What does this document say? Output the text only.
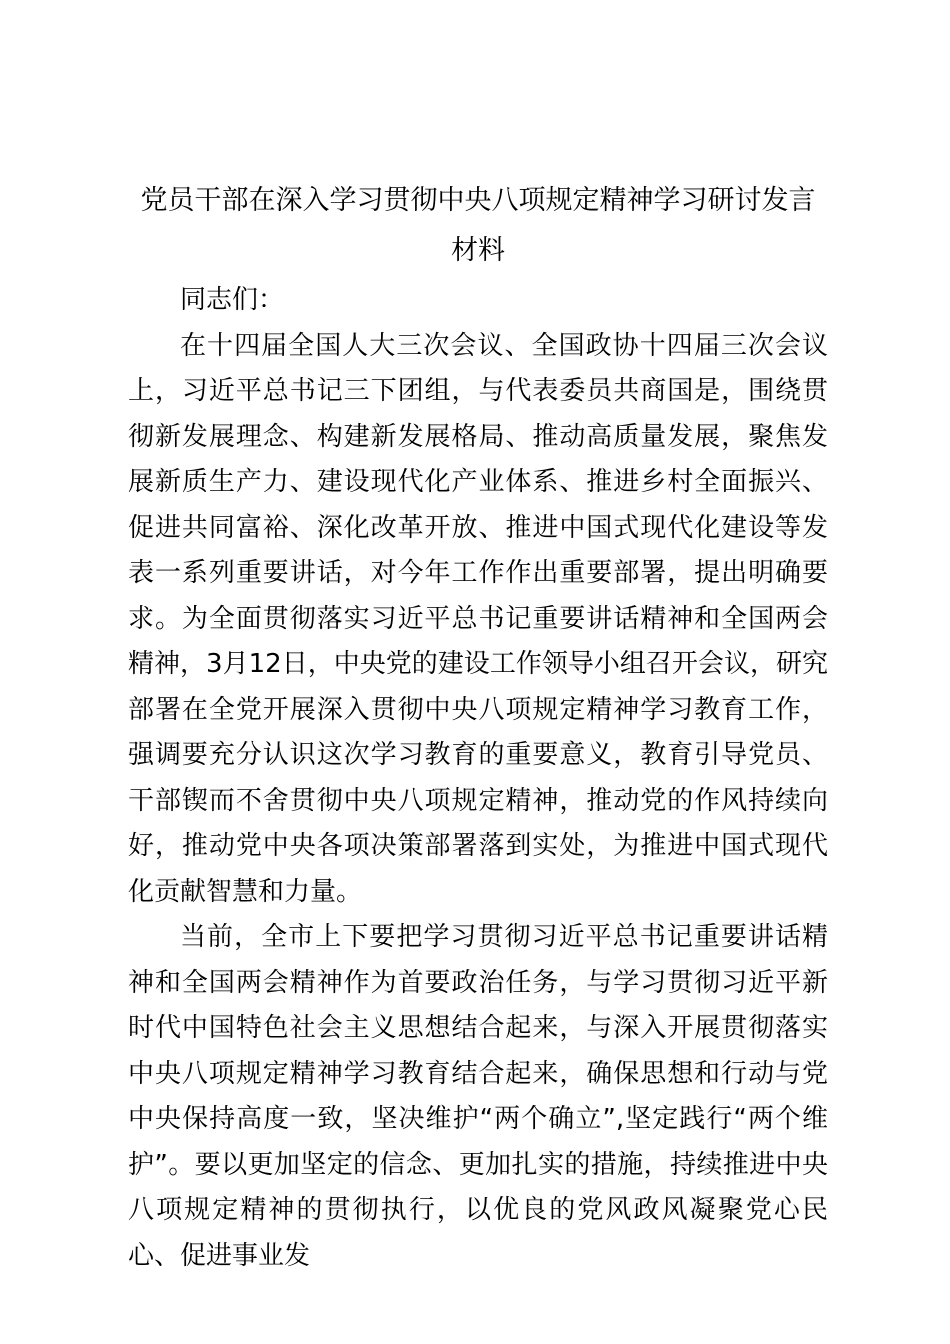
党员干部在深入学习贯彻中央八项规定精神学习研讨发言材料

同志们：

在十四届全国人大三次会议、全国政协十四届三次会议上，习近平总书记三下团组，与代表委员共商国是，围绕贯彻新发展理念、构建新发展格局、推动高质量发展，聚焦发展新质生产力、建设现代化产业体系、推进乡村全面振兴、促进共同富裕、深化改革开放、推进中国式现代化建设等发表一系列重要讲话，对今年工作作出重要部署，提出明确要求。为全面贯彻落实习近平总书记重要讲话精神和全国两会精神，3月12日，中央党的建设工作领导小组召开会议，研究部署在全党开展深入贯彻中央八项规定精神学习教育工作，强调要充分认识这次学习教育的重要意义，教育引导党员、干部锲而不舍贯彻中央八项规定精神，推动党的作风持续向好，推动党中央各项决策部署落到实处，为推进中国式现代化贡献智慧和力量。

当前，全市上下要把学习贯彻习近平总书记重要讲话精神和全国两会精神作为首要政治任务，与学习贯彻习近平新时代中国特色社会主义思想结合起来，与深入开展贯彻落实中央八项规定精神学习教育结合起来，确保思想和行动与党中央保持高度一致，坚决维护“两个确立”,坚定践行“两个维护”。要以更加坚定的信念、更加扎实的措施，持续推进中央八项规定精神的贯彻执行，以优良的党风政风凝聚党心民心、促进事业发
